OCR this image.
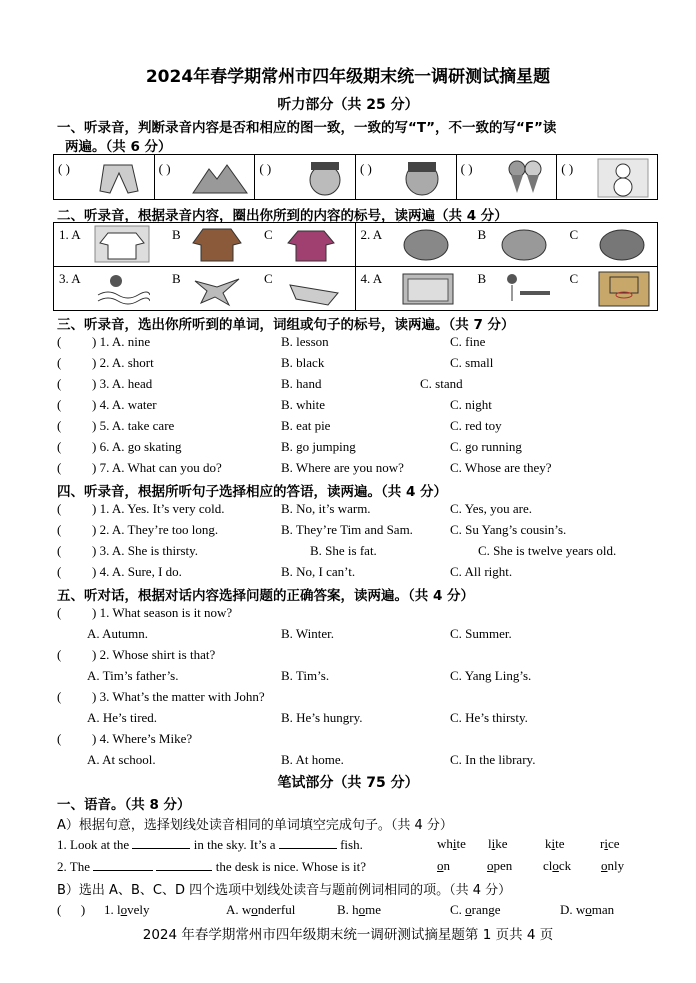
2024年春学期常州市四年级期末统一调研测试摘星题
听力部分（共 25 分）
一、听录音，判断录音内容是否和相应的图一致，一致的写“T”，不一致的写“F”读
两遍。（共 6 分）
( )	( )	( )	( )	( )	( )
二、听录音，根据录音内容，圈出你所到的内容的标号，读两遍（共 4 分）
1. A B C	2. A B C

3. A B C	4. A B C
三、听录音，选出你所听到的单词，词组或句子的标号，读两遍。（共 7 分）
( ) 1. A. nine	B. lesson	C. fine
( ) 2. A. short	B. black	C. small
( ) 3. A. head	B. hand	C. stand
( ) 4. A. water	B. white	C. night
( ) 5. A. take care	B. eat pie	C. red toy
( ) 6. A. go skating	B. go jumping	C. go running
( ) 7. A. What can you do?	B. Where are you now?	C. Whose are they?
四、听录音，根据所听句子选择相应的答语，读两遍。（共 4 分）
( ) 1. A. Yes. It’s very cold.	B. No, it’s warm.	C. Yes, you are.
( ) 2. A. They’re too long.	B. They’re Tim and Sam.	C. Su Yang’s cousin’s.
( ) 3. A. She is thirsty.	B. She is fat.	C. She is twelve years old.
( ) 4. A. Sure, I do.	B. No, I can’t.	C. All right.
五、听对话，根据对话内容选择问题的正确答案，读两遍。（共 4 分）
( ) 1. What season is it now?
A. Autumn.	B. Winter.	C. Summer.
( ) 2. Whose shirt is that?
A. Tim’s father’s.	B. Tim’s.	C. Yang Ling’s.
( ) 3. What’s the matter with John?
A. He’s tired.	B. He’s hungry.	C. He’s thirsty.
( ) 4. Where’s Mike?
A. At school.	B. At home.	C. In the library.
笔试部分（共 75 分）
一、语音。（共 8 分）
A）根据句意，选择划线处读音相同的单词填空完成句子。（共 4 分）
1. Look at the	in the sky. It’s a	fish.	white like	kite	rice
2. The	the desk is nice. Whose is it?	on	open clock only
B）选出 A、B、C、D 四个选项中划线处读音与题前例词相同的项。（共 4 分）
(      ) 1. lovely	A. wonderful	B. home	C. orange	D. woman
2024 年春学期常州市四年级期末统一调研测试摘星题第 1 页共 4 页
